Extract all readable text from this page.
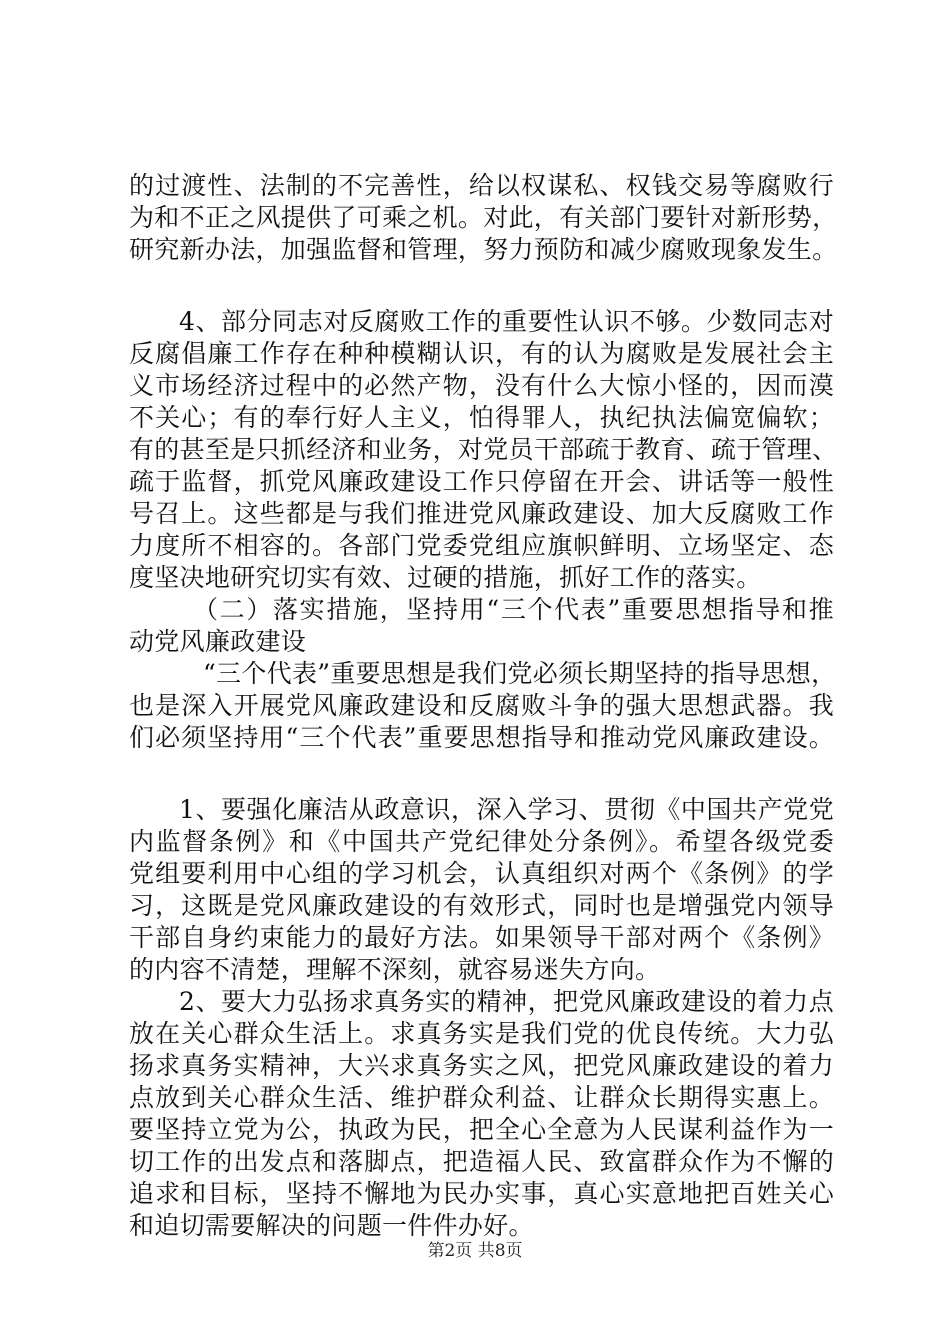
的过渡性、法制的不完善性，给以权谋私、权钱交易等腐败行
为和不正之风提供了可乘之机。对此，有关部门要针对新形势，
研究新办法，加强监督和管理，努力预防和减少腐败现象发生。
4、部分同志对反腐败工作的重要性认识不够。少数同志对
反腐倡廉工作存在种种模糊认识，有的认为腐败是发展社会主
义市场经济过程中的必然产物，没有什么大惊小怪的，因而漠
不关心；有的奉行好人主义，怕得罪人，执纪执法偏宽偏软；
有的甚至是只抓经济和业务，对党员干部疏于教育、疏于管理、
疏于监督，抓党风廉政建设工作只停留在开会、讲话等一般性
号召上。这些都是与我们推进党风廉政建设、加大反腐败工作
力度所不相容的。各部门党委党组应旗帜鲜明、立场坚定、态
度坚决地研究切实有效、过硬的措施，抓好工作的落实。
（二）落实措施，坚持用“三个代表”重要思想指导和推
动党风廉政建设
“三个代表”重要思想是我们党必须长期坚持的指导思想，
也是深入开展党风廉政建设和反腐败斗争的强大思想武器。我
们必须坚持用“三个代表”重要思想指导和推动党风廉政建设。
1、要强化廉洁从政意识，深入学习、贯彻《中国共产党党
内监督条例》和《中国共产党纪律处分条例》。希望各级党委
党组要利用中心组的学习机会，认真组织对两个《条例》的学
习，这既是党风廉政建设的有效形式，同时也是增强党内领导
干部自身约束能力的最好方法。如果领导干部对两个《条例》
的内容不清楚，理解不深刻，就容易迷失方向。
2、要大力弘扬求真务实的精神，把党风廉政建设的着力点
放在关心群众生活上。求真务实是我们党的优良传统。大力弘
扬求真务实精神，大兴求真务实之风，把党风廉政建设的着力
点放到关心群众生活、维护群众利益、让群众长期得实惠上。
要坚持立党为公，执政为民，把全心全意为人民谋利益作为一
切工作的出发点和落脚点，把造福人民、致富群众作为不懈的
追求和目标，坚持不懈地为民办实事，真心实意地把百姓关心
和迫切需要解决的问题一件件办好。
第2页 共8页
